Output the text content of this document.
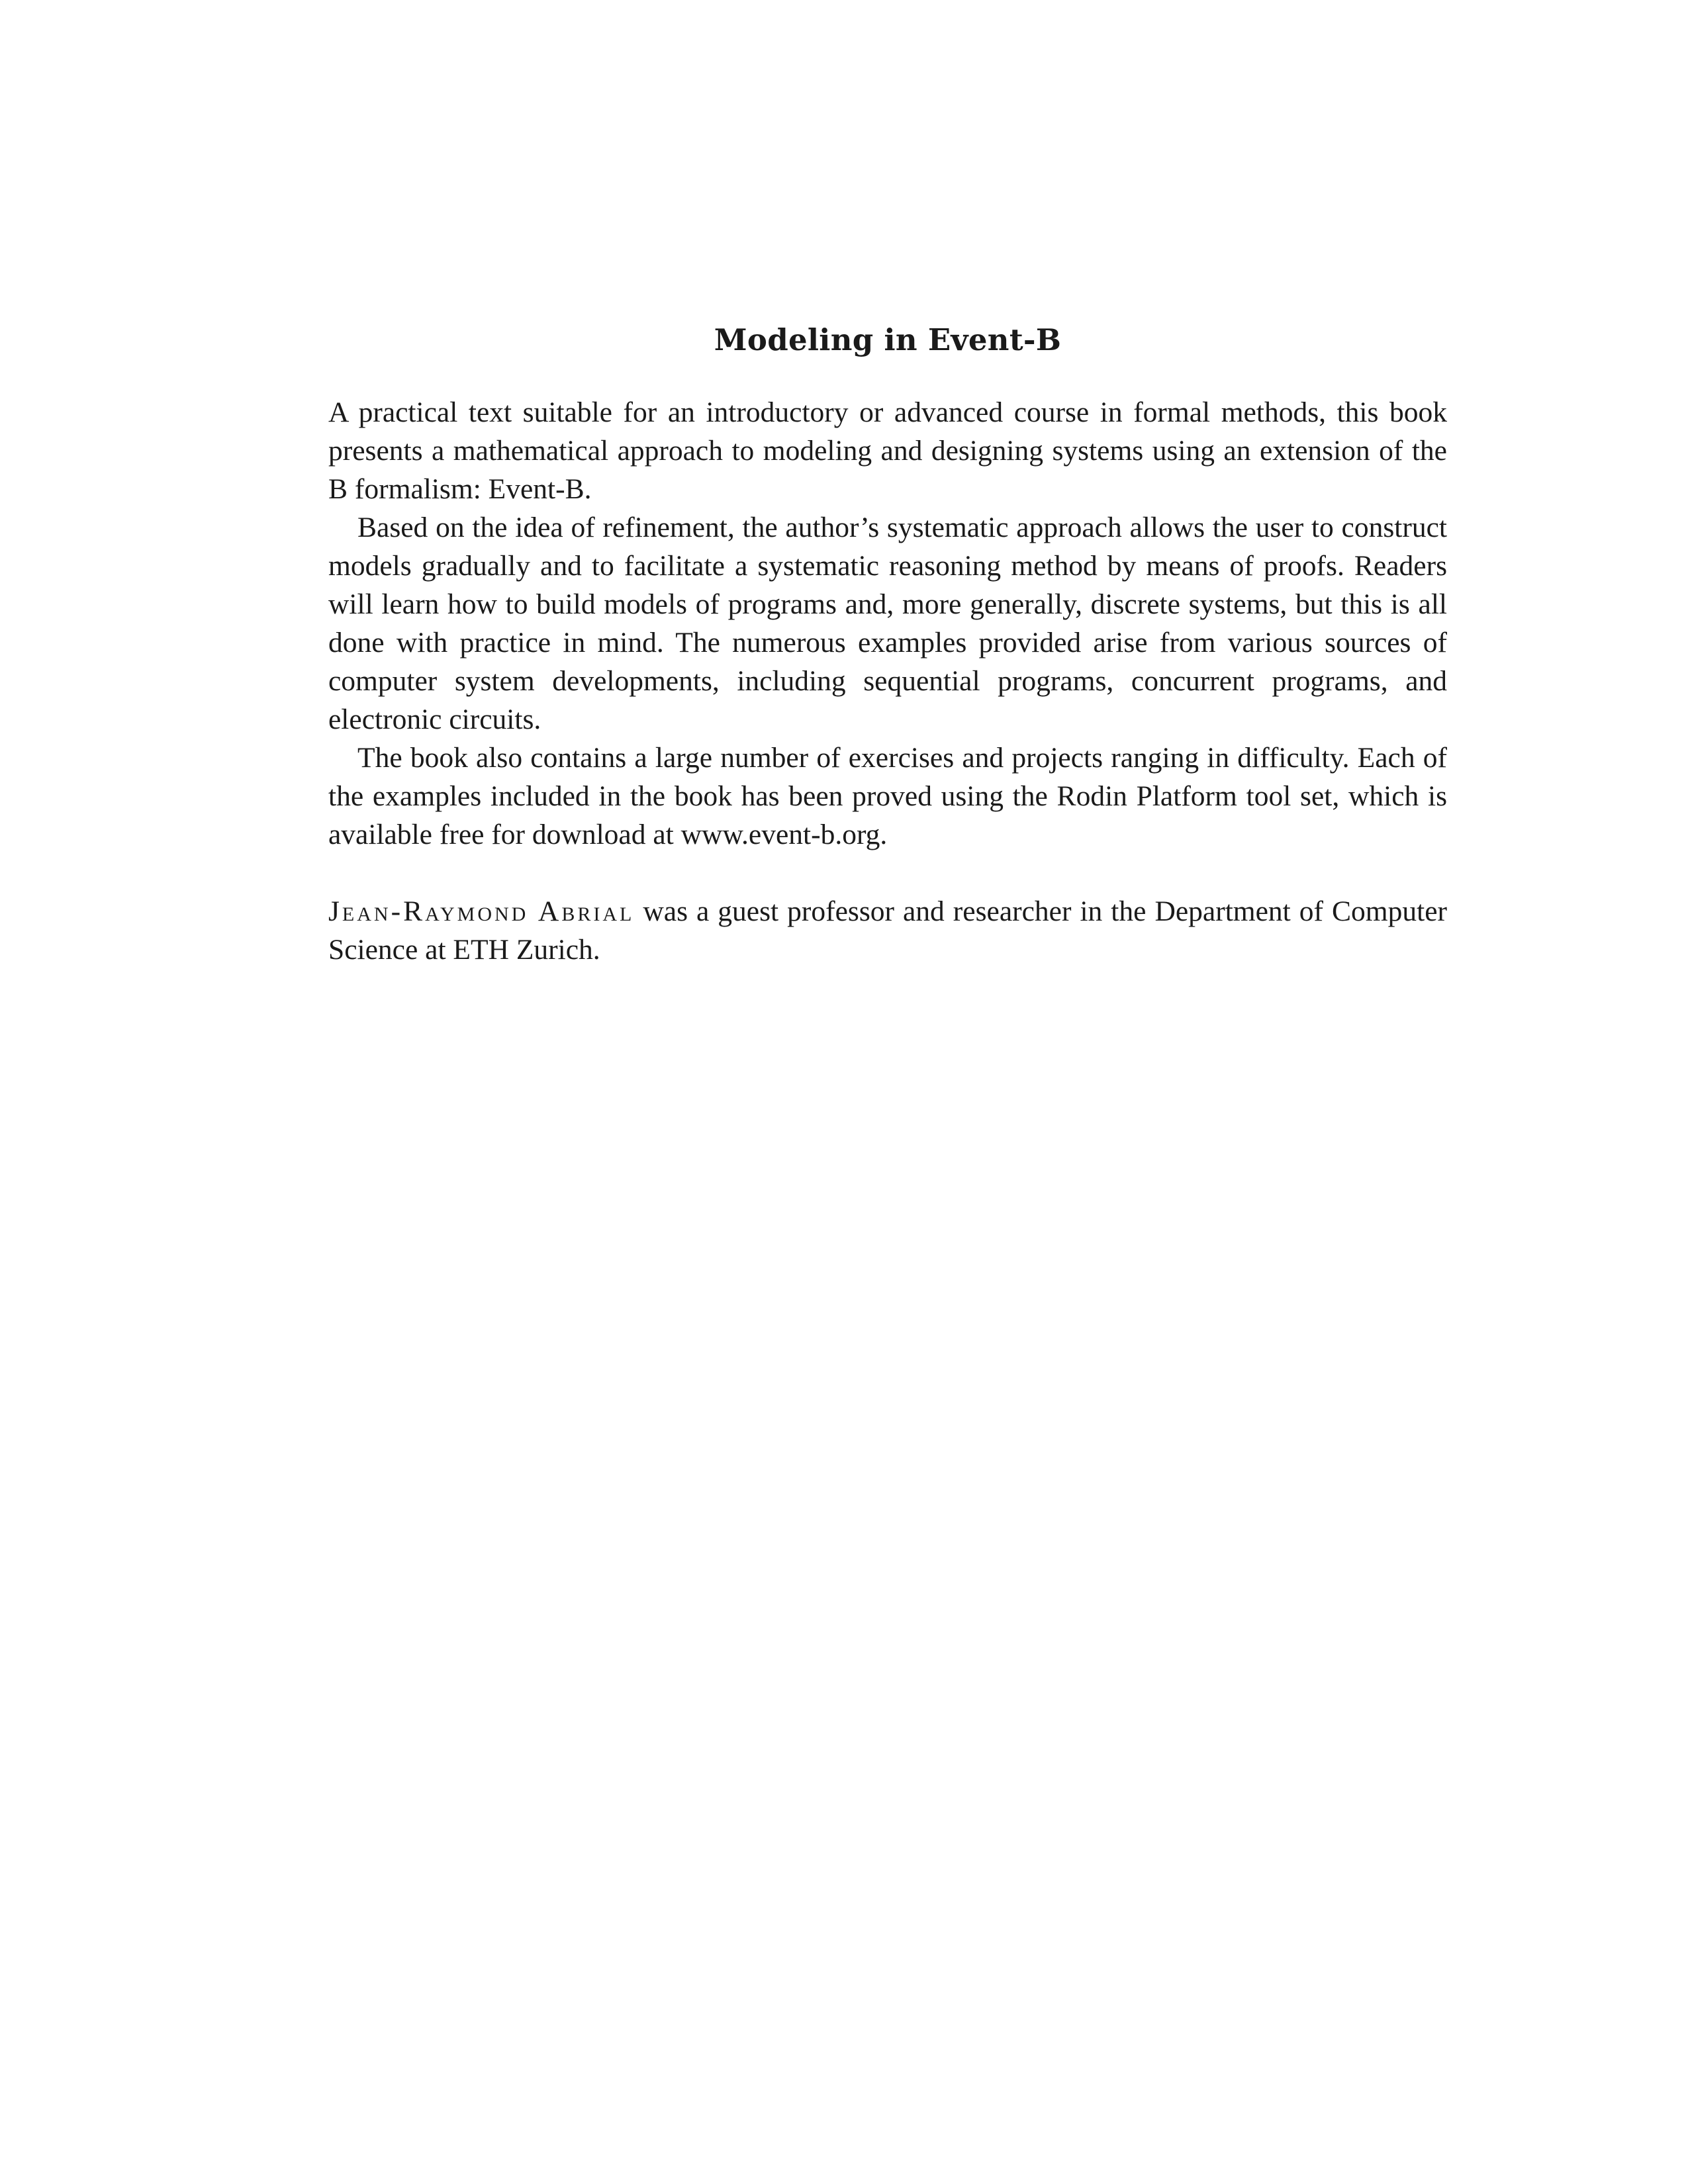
Modeling in Event-B

A practical text suitable for an introductory or advanced course in formal methods, this book presents a mathematical approach to modeling and designing systems using an extension of the B formalism: Event-B.

Based on the idea of refinement, the author’s systematic approach allows the user to construct models gradually and to facilitate a systematic reasoning method by means of proofs. Readers will learn how to build models of programs and, more generally, discrete systems, but this is all done with practice in mind. The numerous examples provided arise from various sources of computer system developments, including sequential programs, concurrent programs, and electronic circuits.

The book also contains a large number of exercises and projects ranging in difficulty. Each of the examples included in the book has been proved using the Rodin Platform tool set, which is available free for download at www.event-b.org.

Jean-Raymond Abrial was a guest professor and researcher in the Department of Computer Science at ETH Zurich.
